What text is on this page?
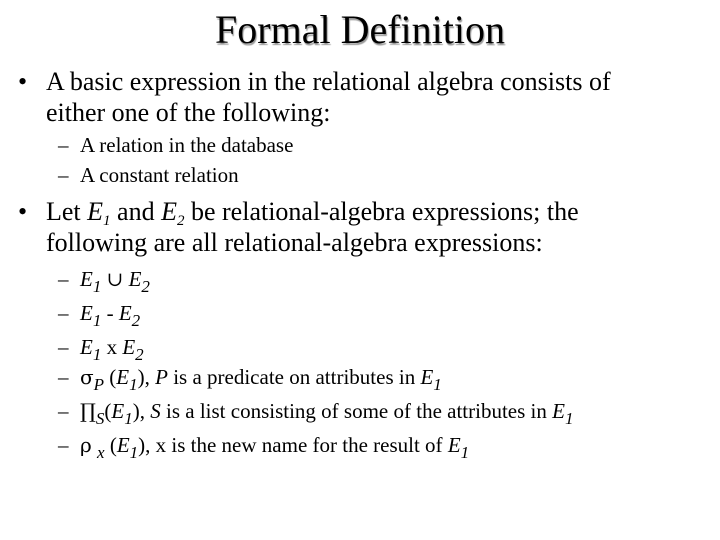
Formal Definition
• A basic expression in the relational algebra consists of
either one of the following:
– A relation in the database
– A constant relation
• Let $E_1$ and $E_2$ be relational-algebra expressions; the
following are all relational-algebra expressions:
– $E_1$ ∪ $E_2$
– $E_1 - E_2$
– $E_1$ x $E_2$
– $\sigma_P$ $(E_1)$, P is a predicate on attributes in $E_1$
– $\prod_S(E_1)$, S is a list consisting of some of the attributes in $E_1$
– ρ $_x$ $(E_1)$, x is the new name for the result of $E_1$
